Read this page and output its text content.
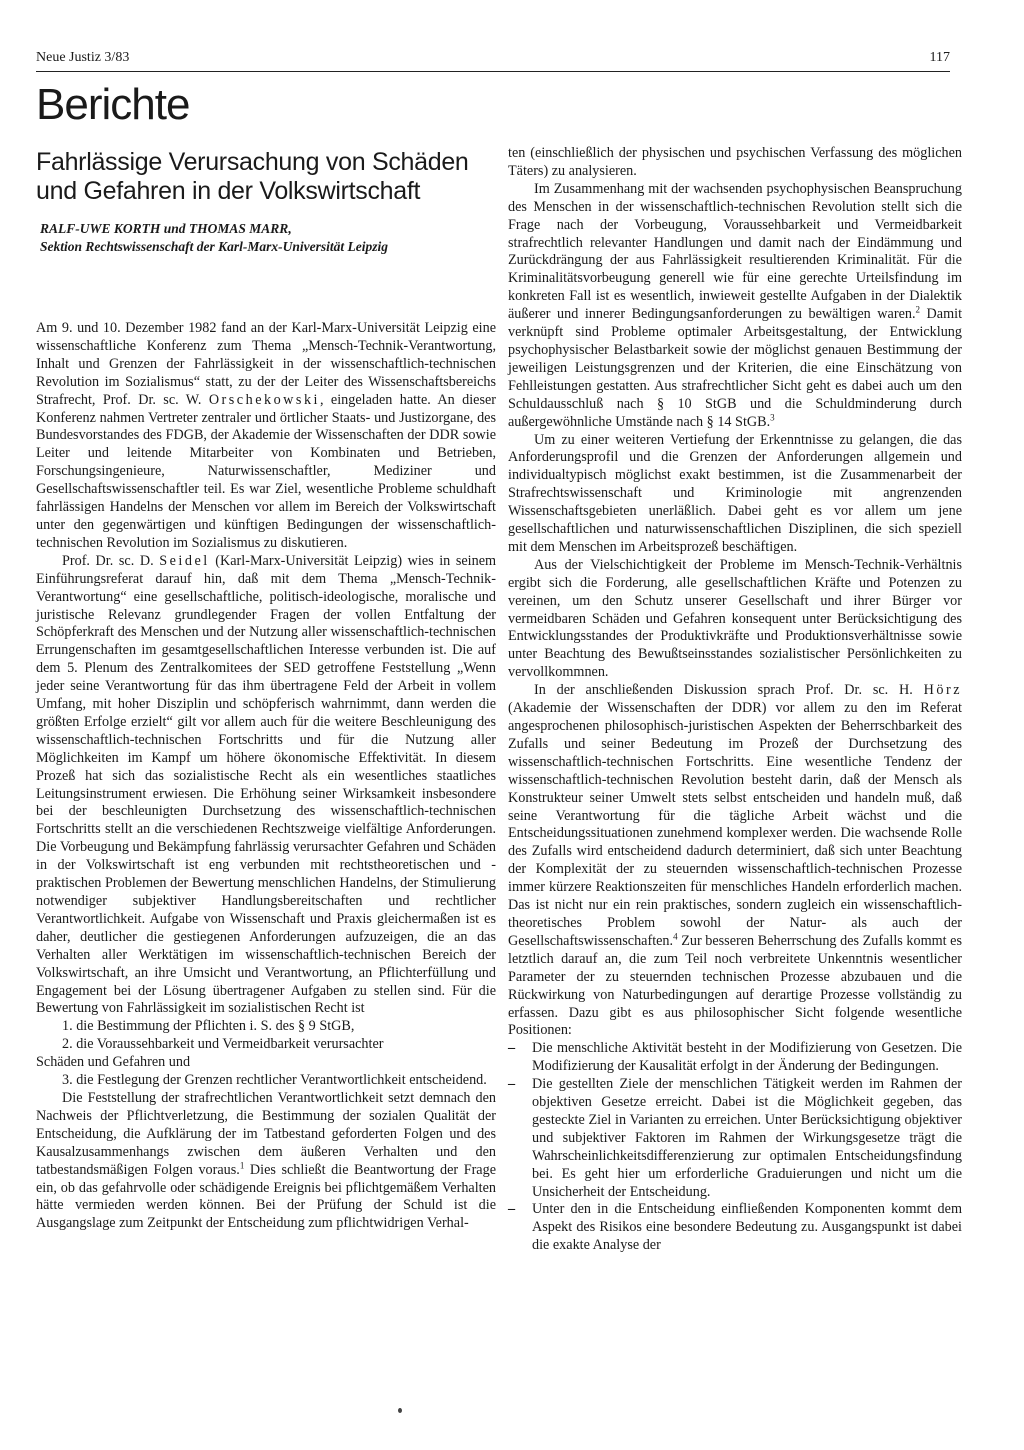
Neue Justiz 3/83	117
Berichte
Fahrlässige Verursachung von Schäden und Gefahren in der Volkswirtschaft
RALF-UWE KORTH und THOMAS MARR,
Sektion Rechtswissenschaft der Karl-Marx-Universität Leipzig

Am 9. und 10. Dezember 1982 fand an der Karl-Marx-Universität Leipzig eine wissenschaftliche Konferenz zum Thema „Mensch-Technik-Verantwortung, Inhalt und Grenzen der Fahrlässigkeit in der wissenschaftlich-technischen Revolution im Sozialismus“ statt, zu der der Leiter des Wissenschaftsbereichs Strafrecht, Prof. Dr. sc. W. Orschekowski, eingeladen hatte. An dieser Konferenz nahmen Vertreter zentraler und örtlicher Staats- und Justizorgane, des Bundesvorstandes des FDGB, der Akademie der Wissenschaften der DDR sowie Leiter und leitende Mitarbeiter von Kombinaten und Betrieben, Forschungsingenieure, Naturwissenschaftler, Mediziner und Gesellschaftswissenschaftler teil. Es war Ziel, wesentliche Probleme schuldhaft fahrlässigen Handelns der Menschen vor allem im Bereich der Volkswirtschaft unter den gegenwärtigen und künftigen Bedingungen der wissenschaftlich-technischen Revolution im Sozialismus zu diskutieren.

Prof. Dr. sc. D. Seidel (Karl-Marx-Universität Leipzig) wies in seinem Einführungsreferat darauf hin, daß mit dem Thema „Mensch-Technik-Verantwortung“ eine gesellschaftliche, politisch-ideologische, moralische und juristische Relevanz grundlegender Fragen der vollen Entfaltung der Schöpferkraft des Menschen und der Nutzung aller wissenschaftlich-technischen Errungenschaften im gesamtgesellschaftlichen Interesse verbunden ist. Die auf dem 5. Plenum des Zentralkomitees der SED getroffene Feststellung „Wenn jeder seine Verantwortung für das ihm übertragene Feld der Arbeit in vollem Umfang, mit hoher Disziplin und schöpferisch wahrnimmt, dann werden die größten Erfolge erzielt“ gilt vor allem auch für die weitere Beschleunigung des wissenschaftlich-technischen Fortschritts und für die Nutzung aller Möglichkeiten im Kampf um höhere ökonomische Effektivität. In diesem Prozeß hat sich das sozialistische Recht als ein wesentliches staatliches Leitungsinstrument erwiesen. Die Erhöhung seiner Wirksamkeit insbesondere bei der beschleunigten Durchsetzung des wissenschaftlich-technischen Fortschritts stellt an die verschiedenen Rechtszweige vielfältige Anforderungen. Die Vorbeugung und Bekämpfung fahrlässig verursachter Gefahren und Schäden in der Volkswirtschaft ist eng verbunden mit rechtstheoretischen und -praktischen Problemen der Bewertung menschlichen Handelns, der Stimulierung notwendiger subjektiver Handlungsbereitschaften und rechtlicher Verantwortlichkeit. Aufgabe von Wissenschaft und Praxis gleichermaßen ist es daher, deutlicher die gestiegenen Anforderungen aufzuzeigen, die an das Verhalten aller Werktätigen im wissenschaftlich-technischen Bereich der Volkswirtschaft, an ihre Umsicht und Verantwortung, an Pflichterfüllung und Engagement bei der Lösung übertragener Aufgaben zu stellen sind. Für die Bewertung von Fahrlässigkeit im sozialistischen Recht ist

1. die Bestimmung der Pflichten i. S. des § 9 StGB,
2. die Voraussehbarkeit und Vermeidbarkeit verursachter
Schäden und Gefahren und
3. die Festlegung der Grenzen rechtlicher Verantwortlichkeit entscheidend.

Die Feststellung der strafrechtlichen Verantwortlichkeit setzt demnach den Nachweis der Pflichtverletzung, die Bestimmung der sozialen Qualität der Entscheidung, die Aufklärung der im Tatbestand geforderten Folgen und des Kausalzusammenhangs zwischen dem äußeren Verhalten und den tatbestandsmäßigen Folgen voraus.$^1$ Dies schließt die Beantwortung der Frage ein, ob das gefahrvolle oder schädigende Ereignis bei pflichtgemäßem Verhalten hätte vermieden werden können. Bei der Prüfung der Schuld ist die Ausgangslage zum Zeitpunkt der Entscheidung zum pflichtwidrigen Verhal-

ten (einschließlich der physischen und psychischen Verfassung des möglichen Täters) zu analysieren.

Im Zusammenhang mit der wachsenden psychophysischen Beanspruchung des Menschen in der wissenschaftlich-technischen Revolution stellt sich die Frage nach der Vorbeugung, Voraussehbarkeit und Vermeidbarkeit strafrechtlich relevanter Handlungen und damit nach der Eindämmung und Zurückdrängung der aus Fahrlässigkeit resultierenden Kriminalität. Für die Kriminalitätsvorbeugung generell wie für eine gerechte Urteilsfindung im konkreten Fall ist es wesentlich, inwieweit gestellte Aufgaben in der Dialektik äußerer und innerer Bedingungsanforderungen zu bewältigen waren.$^2$ Damit verknüpft sind Probleme optimaler Arbeitsgestaltung, der Entwicklung psychophysischer Belastbarkeit sowie der möglichst genauen Bestimmung der jeweiligen Leistungsgrenzen und der Kriterien, die eine Einschätzung von Fehlleistungen gestatten. Aus strafrechtlicher Sicht geht es dabei auch um den Schuldausschluß nach § 10 StGB und die Schuldminderung durch außergewöhnliche Umstände nach § 14 StGB.$^3$

Um zu einer weiteren Vertiefung der Erkenntnisse zu gelangen, die das Anforderungsprofil und die Grenzen der Anforderungen allgemein und individualtypisch möglichst exakt bestimmen, ist die Zusammenarbeit der Strafrechtswissenschaft und Kriminologie mit angrenzenden Wissenschaftsgebieten unerläßlich. Dabei geht es vor allem um jene gesellschaftlichen und naturwissenschaftlichen Disziplinen, die sich speziell mit dem Menschen im Arbeitsprozeß beschäftigen.

Aus der Vielschichtigkeit der Probleme im Mensch-Technik-Verhältnis ergibt sich die Forderung, alle gesellschaftlichen Kräfte und Potenzen zu vereinen, um den Schutz unserer Gesellschaft und ihrer Bürger vor vermeidbaren Schäden und Gefahren konsequent unter Berücksichtigung des Entwicklungsstandes der Produktivkräfte und Produktionsverhältnisse sowie unter Beachtung des Bewußtseinsstandes sozialistischer Persönlichkeiten zu vervollkommnen.

In der anschließenden Diskussion sprach Prof. Dr. sc. H. Hörz (Akademie der Wissenschaften der DDR) vor allem zu den im Referat angesprochenen philosophisch-juristischen Aspekten der Beherrschbarkeit des Zufalls und seiner Bedeutung im Prozeß der Durchsetzung des wissenschaftlich-technischen Fortschritts. Eine wesentliche Tendenz der wissenschaftlich-technischen Revolution besteht darin, daß der Mensch als Konstrukteur seiner Umwelt stets selbst entscheiden und handeln muß, daß seine Verantwortung für die tägliche Arbeit wächst und die Entscheidungssituationen zunehmend komplexer werden. Die wachsende Rolle des Zufalls wird entscheidend dadurch determiniert, daß sich unter Beachtung der Komplexität der zu steuernden wissenschaftlich-technischen Prozesse immer kürzere Reaktionszeiten für menschliches Handeln erforderlich machen. Das ist nicht nur ein rein praktisches, sondern zugleich ein wissenschaftlich-theoretisches Problem sowohl der Natur- als auch der Gesellschaftswissenschaften.$^4$ Zur besseren Beherrschung des Zufalls kommt es letztlich darauf an, die zum Teil noch verbreitete Unkenntnis wesentlicher Parameter der zu steuernden technischen Prozesse abzubauen und die Rückwirkung von Naturbedingungen auf derartige Prozesse vollständig zu erfassen. Dazu gibt es aus philosophischer Sicht folgende wesentliche Positionen:

– Die menschliche Aktivität besteht in der Modifizierung von Gesetzen. Die Modifizierung der Kausalität erfolgt in der Änderung der Bedingungen.
– Die gestellten Ziele der menschlichen Tätigkeit werden im Rahmen der objektiven Gesetze erreicht. Dabei ist die Möglichkeit gegeben, das gesteckte Ziel in Varianten zu erreichen. Unter Berücksichtigung objektiver und subjektiver Faktoren im Rahmen der Wirkungsgesetze trägt die Wahrscheinlichkeitsdifferenzierung zur optimalen Entscheidungsfindung bei. Es geht hier um erforderliche Graduierungen und nicht um die Unsicherheit der Entscheidung.
– Unter den in die Entscheidung einfließenden Komponenten kommt dem Aspekt des Risikos eine besondere Bedeutung zu. Ausgangspunkt ist dabei die exakte Analyse der
